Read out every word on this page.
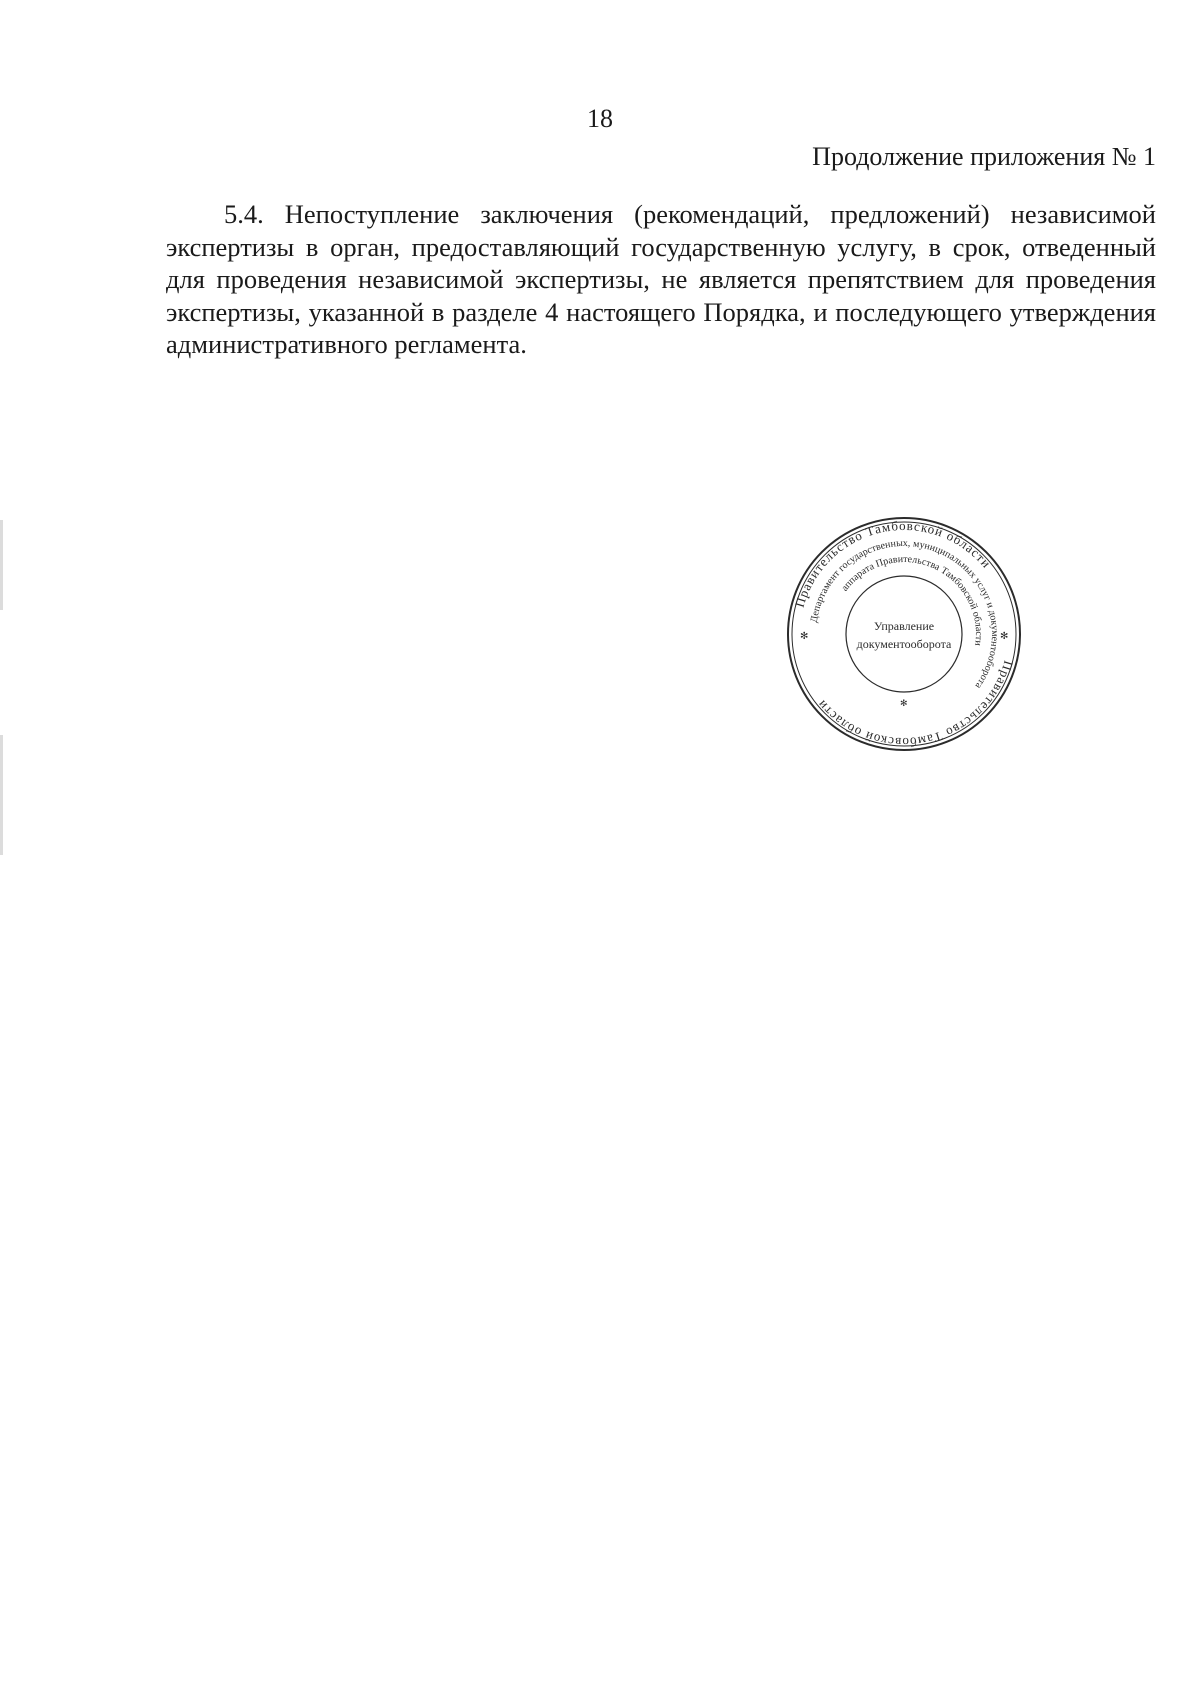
18
Продолжение приложения № 1

5.4. Непоступление заключения (рекомендаций, предложений) независимой экспертизы в орган, предоставляющий государственную услугу, в срок, отведенный для проведения независимой экспертизы, не является препятствием для проведения экспертизы, указанной в разделе 4 настоящего Порядка, и последующего утверждения административного регламента.

Правительство Тамбовской области
Правительство Тамбовской области
Департамент государственных, муниципальных услуг и документооборота
аппарата Правительства Тамбовской области
Управление
документооборота
✻	✻
✻
